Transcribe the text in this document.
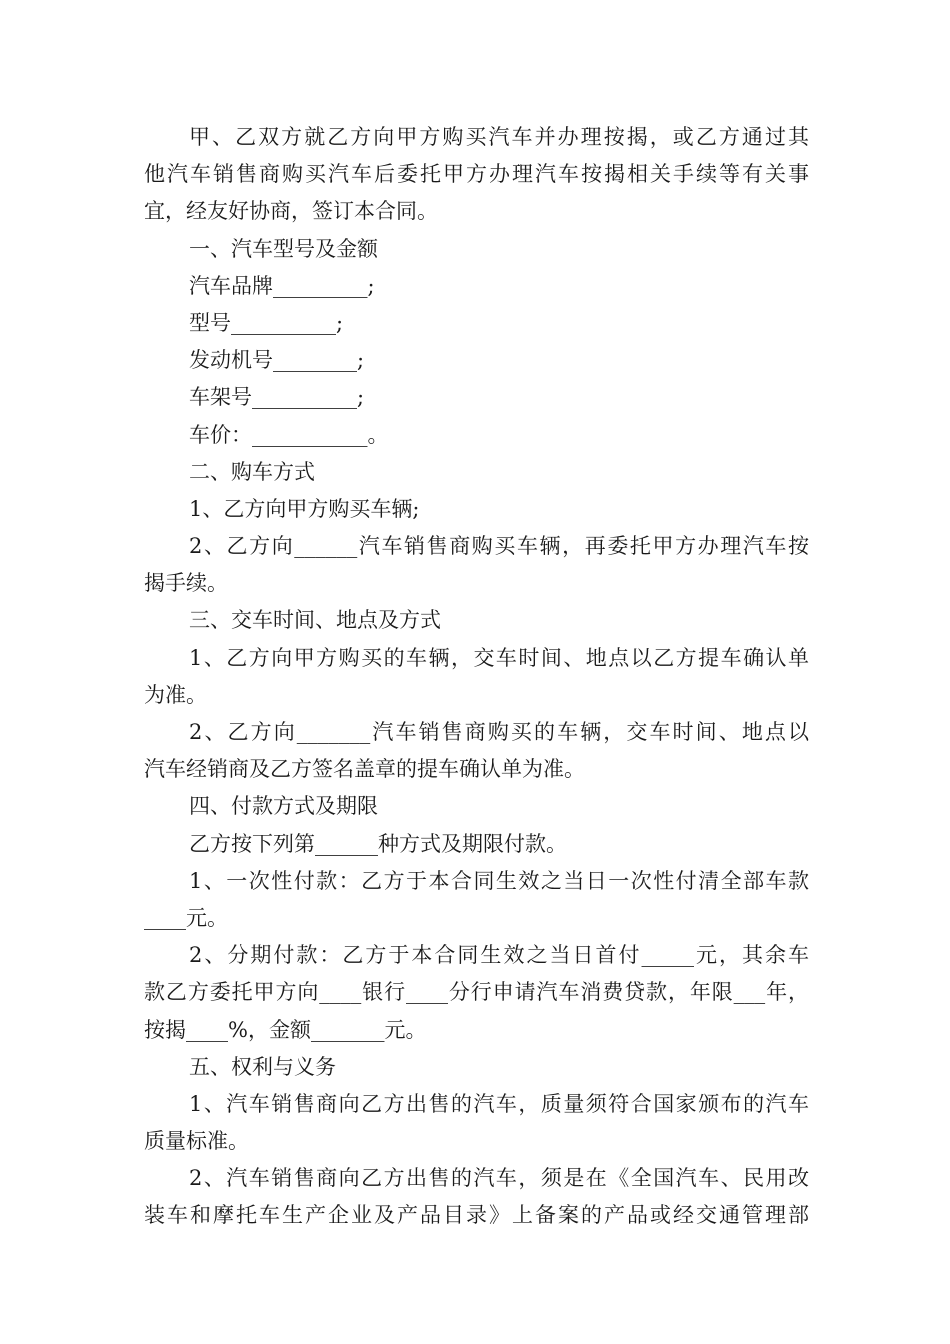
甲、乙双方就乙方向甲方购买汽车并办理按揭，或乙方通过其
他汽车销售商购买汽车后委托甲方办理汽车按揭相关手续等有关事
宜，经友好协商，签订本合同。
一、汽车型号及金额
汽车品牌_________;
型号__________;
发动机号________;
车架号__________;
车价：___________。
二、购车方式
1、乙方向甲方购买车辆;
2、乙方向______汽车销售商购买车辆，再委托甲方办理汽车按
揭手续。
三、交车时间、地点及方式
1、乙方向甲方购买的车辆，交车时间、地点以乙方提车确认单
为准。
2、乙方向_______汽车销售商购买的车辆，交车时间、地点以
汽车经销商及乙方签名盖章的提车确认单为准。
四、付款方式及期限
乙方按下列第______种方式及期限付款。
1、一次性付款：乙方于本合同生效之当日一次性付清全部车款
____元。
2、分期付款：乙方于本合同生效之当日首付_____元，其余车
款乙方委托甲方向____银行____分行申请汽车消费贷款，年限___年，
按揭____%，金额_______元。
五、权利与义务
1、汽车销售商向乙方出售的汽车，质量须符合国家颁布的汽车
质量标准。
2、汽车销售商向乙方出售的汽车，须是在《全国汽车、民用改
装车和摩托车生产企业及产品目录》上备案的产品或经交通管理部
